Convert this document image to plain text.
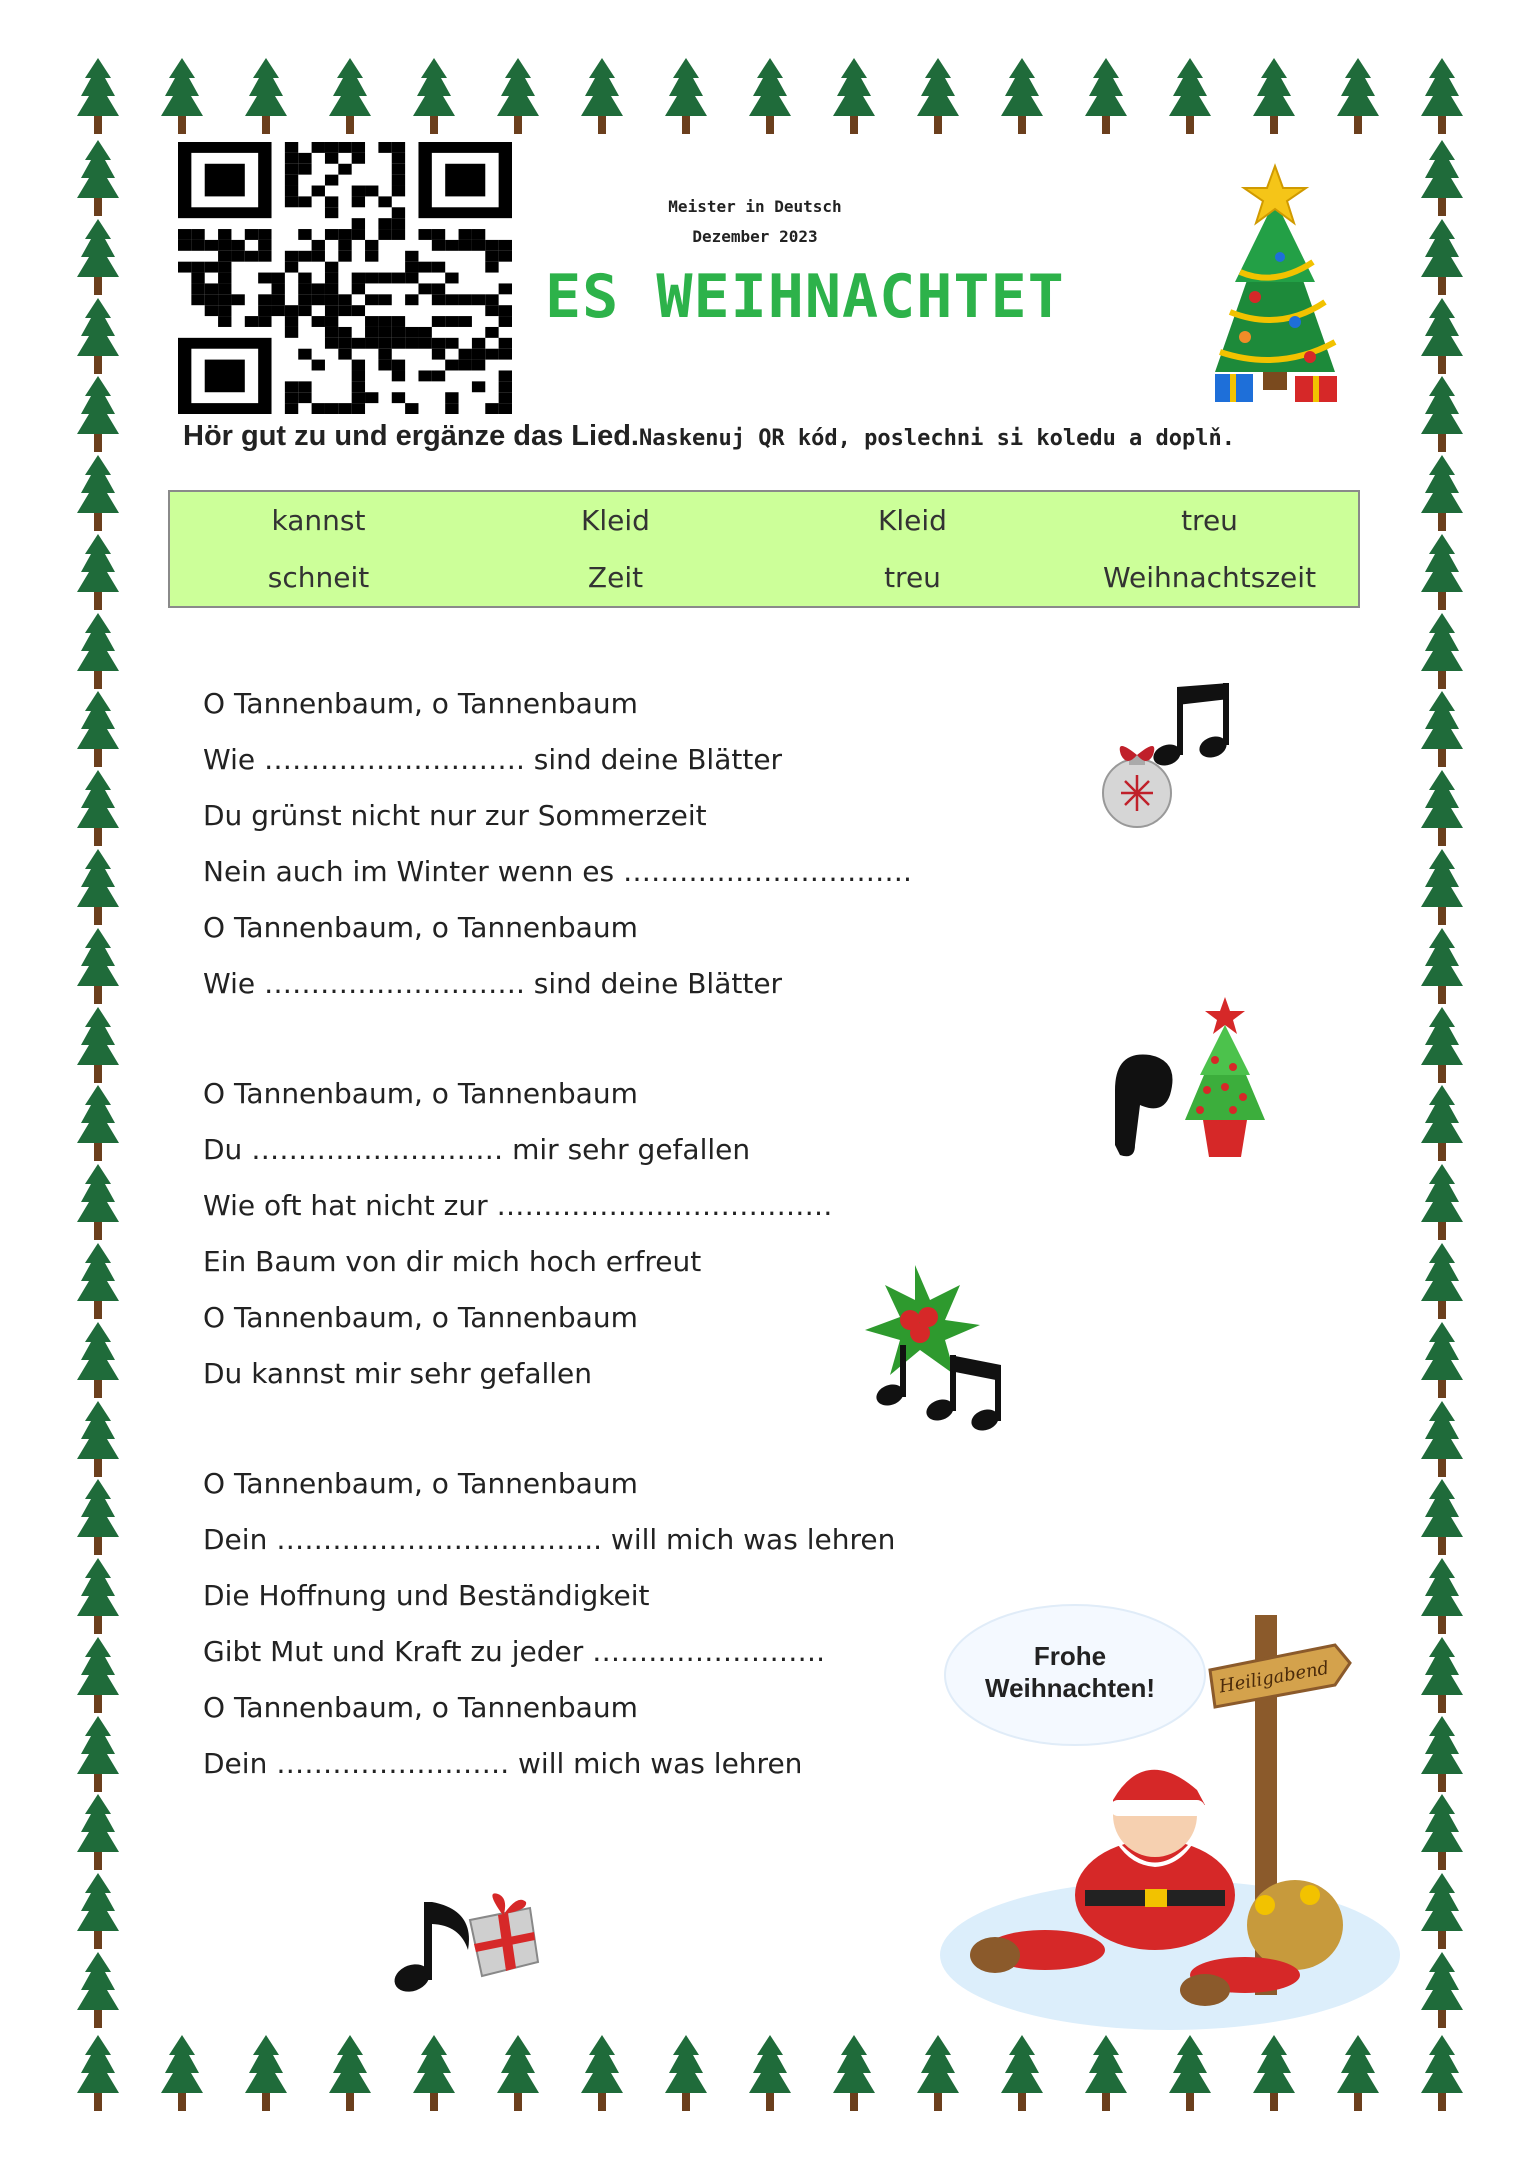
Meister in Deutsch
Dezember 2023
ES WEIHNACHTET
Hör gut zu und ergänze das Lied.Naskenuj QR kód, poslechni si koledu a doplň.
kannst	Kleid	Kleid	treu
schneit	Zeit	treu	Weihnachtszeit
O Tannenbaum, o Tannenbaum
Wie ………………………. sind deine Blätter
Du grünst nicht nur zur Sommerzeit
Nein auch im Winter wenn es ………………………….
O Tannenbaum, o Tannenbaum
Wie ………………………. sind deine Blätter
O Tannenbaum, o Tannenbaum
Du ……………………… mir sehr gefallen
Wie oft hat nicht zur ………………………………
Ein Baum von dir mich hoch erfreut
O Tannenbaum, o Tannenbaum
Du kannst mir sehr gefallen
O Tannenbaum, o Tannenbaum
Dein …………………………….. will mich was lehren
Die Hoffnung und Beständigkeit
Gibt Mut und Kraft zu jeder …………………….
O Tannenbaum, o Tannenbaum
Dein ……………………. will mich was lehren
Frohe
Weihnachten!	Heiligabend
